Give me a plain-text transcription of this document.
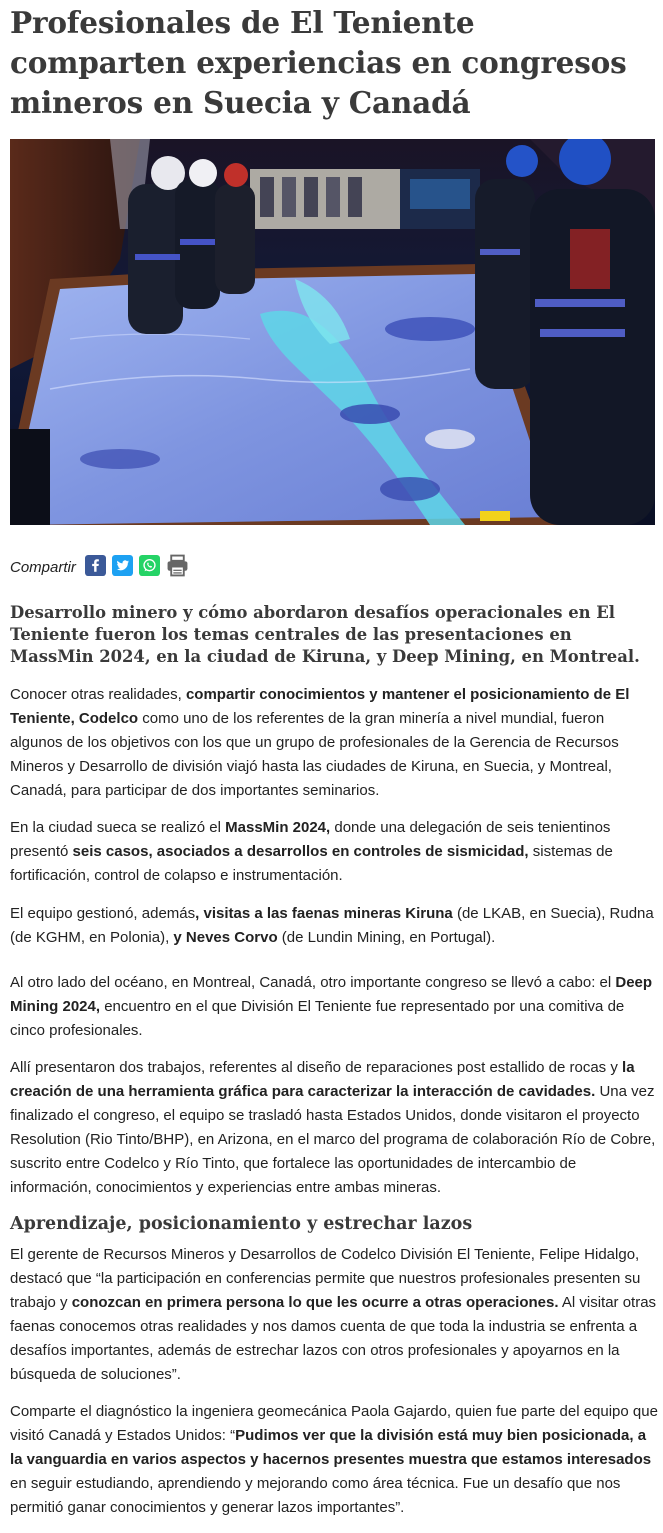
Profesionales de El Teniente comparten experiencias en congresos mineros en Suecia y Canadá
Compartir

Desarrollo minero y cómo abordaron desafíos operacionales en El Teniente fueron los temas centrales de las presentaciones en MassMin 2024, en la ciudad de Kiruna, y Deep Mining, en Montreal.

Conocer otras realidades, compartir conocimientos y mantener el posicionamiento de El Teniente, Codelco como uno de los referentes de la gran minería a nivel mundial, fueron algunos de los objetivos con los que un grupo de profesionales de la Gerencia de Recursos Mineros y Desarrollo de división viajó hasta las ciudades de Kiruna, en Suecia, y Montreal, Canadá, para participar de dos importantes seminarios.

En la ciudad sueca se realizó el MassMin 2024, donde una delegación de seis tenientinos presentó seis casos, asociados a desarrollos en controles de sismicidad, sistemas de fortificación, control de colapso e instrumentación.

El equipo gestionó, además, visitas a las faenas mineras Kiruna (de LKAB, en Suecia), Rudna (de KGHM, en Polonia), y Neves Corvo (de Lundin Mining, en Portugal).

Al otro lado del océano, en Montreal, Canadá, otro importante congreso se llevó a cabo: el Deep Mining 2024, encuentro en el que División El Teniente fue representado por una comitiva de cinco profesionales.

Allí presentaron dos trabajos, referentes al diseño de reparaciones post estallido de rocas y la creación de una herramienta gráfica para caracterizar la interacción de cavidades. Una vez finalizado el congreso, el equipo se trasladó hasta Estados Unidos, donde visitaron el proyecto Resolution (Rio Tinto/BHP), en Arizona, en el marco del programa de colaboración Río de Cobre, suscrito entre Codelco y Río Tinto, que fortalece las oportunidades de intercambio de información, conocimientos y experiencias entre ambas mineras.

Aprendizaje, posicionamiento y estrechar lazos

El gerente de Recursos Mineros y Desarrollos de Codelco División El Teniente, Felipe Hidalgo, destacó que “la participación en conferencias permite que nuestros profesionales presenten su trabajo y conozcan en primera persona lo que les ocurre a otras operaciones. Al visitar otras faenas conocemos otras realidades y nos damos cuenta de que toda la industria se enfrenta a desafíos importantes, además de estrechar lazos con otros profesionales y apoyarnos en la búsqueda de soluciones”.

Comparte el diagnóstico la ingeniera geomecánica Paola Gajardo, quien fue parte del equipo que visitó Canadá y Estados Unidos: “Pudimos ver que la división está muy bien posicionada, a la vanguardia en varios aspectos y hacernos presentes muestra que estamos interesados en seguir estudiando, aprendiendo y mejorando como área técnica. Fue un desafío que nos permitió ganar conocimientos y generar lazos importantes”.
